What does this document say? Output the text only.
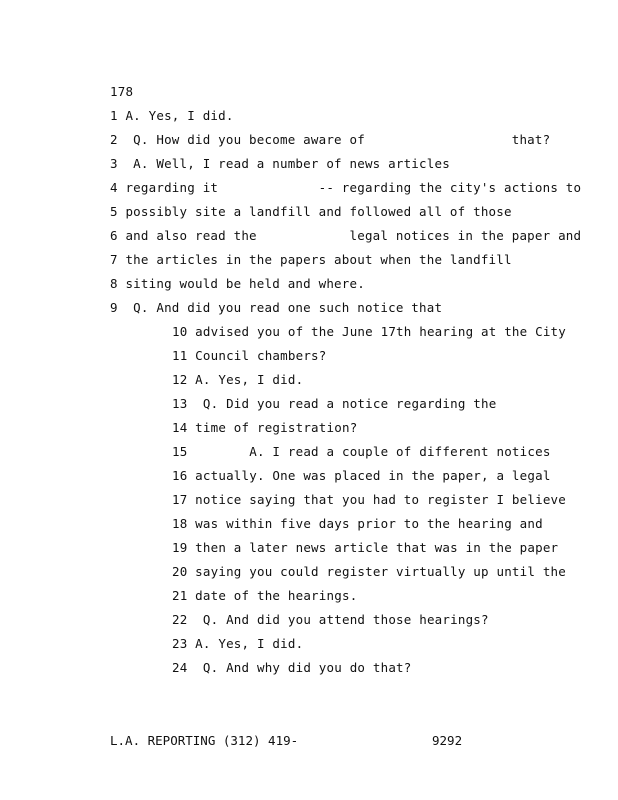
178
1 A. Yes, I did.
2  Q. How did you become aware of                   that?
3  A. Well, I read a number of news articles
4 regarding it             -- regarding the city's actions to
5 possibly site a landfill and followed all of those
6 and also read the            legal notices in the paper and
7 the articles in the papers about when the landfill
8 siting would be held and where.
9  Q. And did you read one such notice that
10 advised you of the June 17th hearing at the City
11 Council chambers?
12 A. Yes, I did.
13  Q. Did you read a notice regarding the
14 time of registration?
15        A. I read a couple of different notices
16 actually. One was placed in the paper, a legal
17 notice saying that you had to register I believe
18 was within five days prior to the hearing and
19 then a later news article that was in the paper
20 saying you could register virtually up until the
21 date of the hearings.
22  Q. And did you attend those hearings?
23 A. Yes, I did.
24  Q. And why did you do that?
L.A. REPORTING (312) 419-	9292
